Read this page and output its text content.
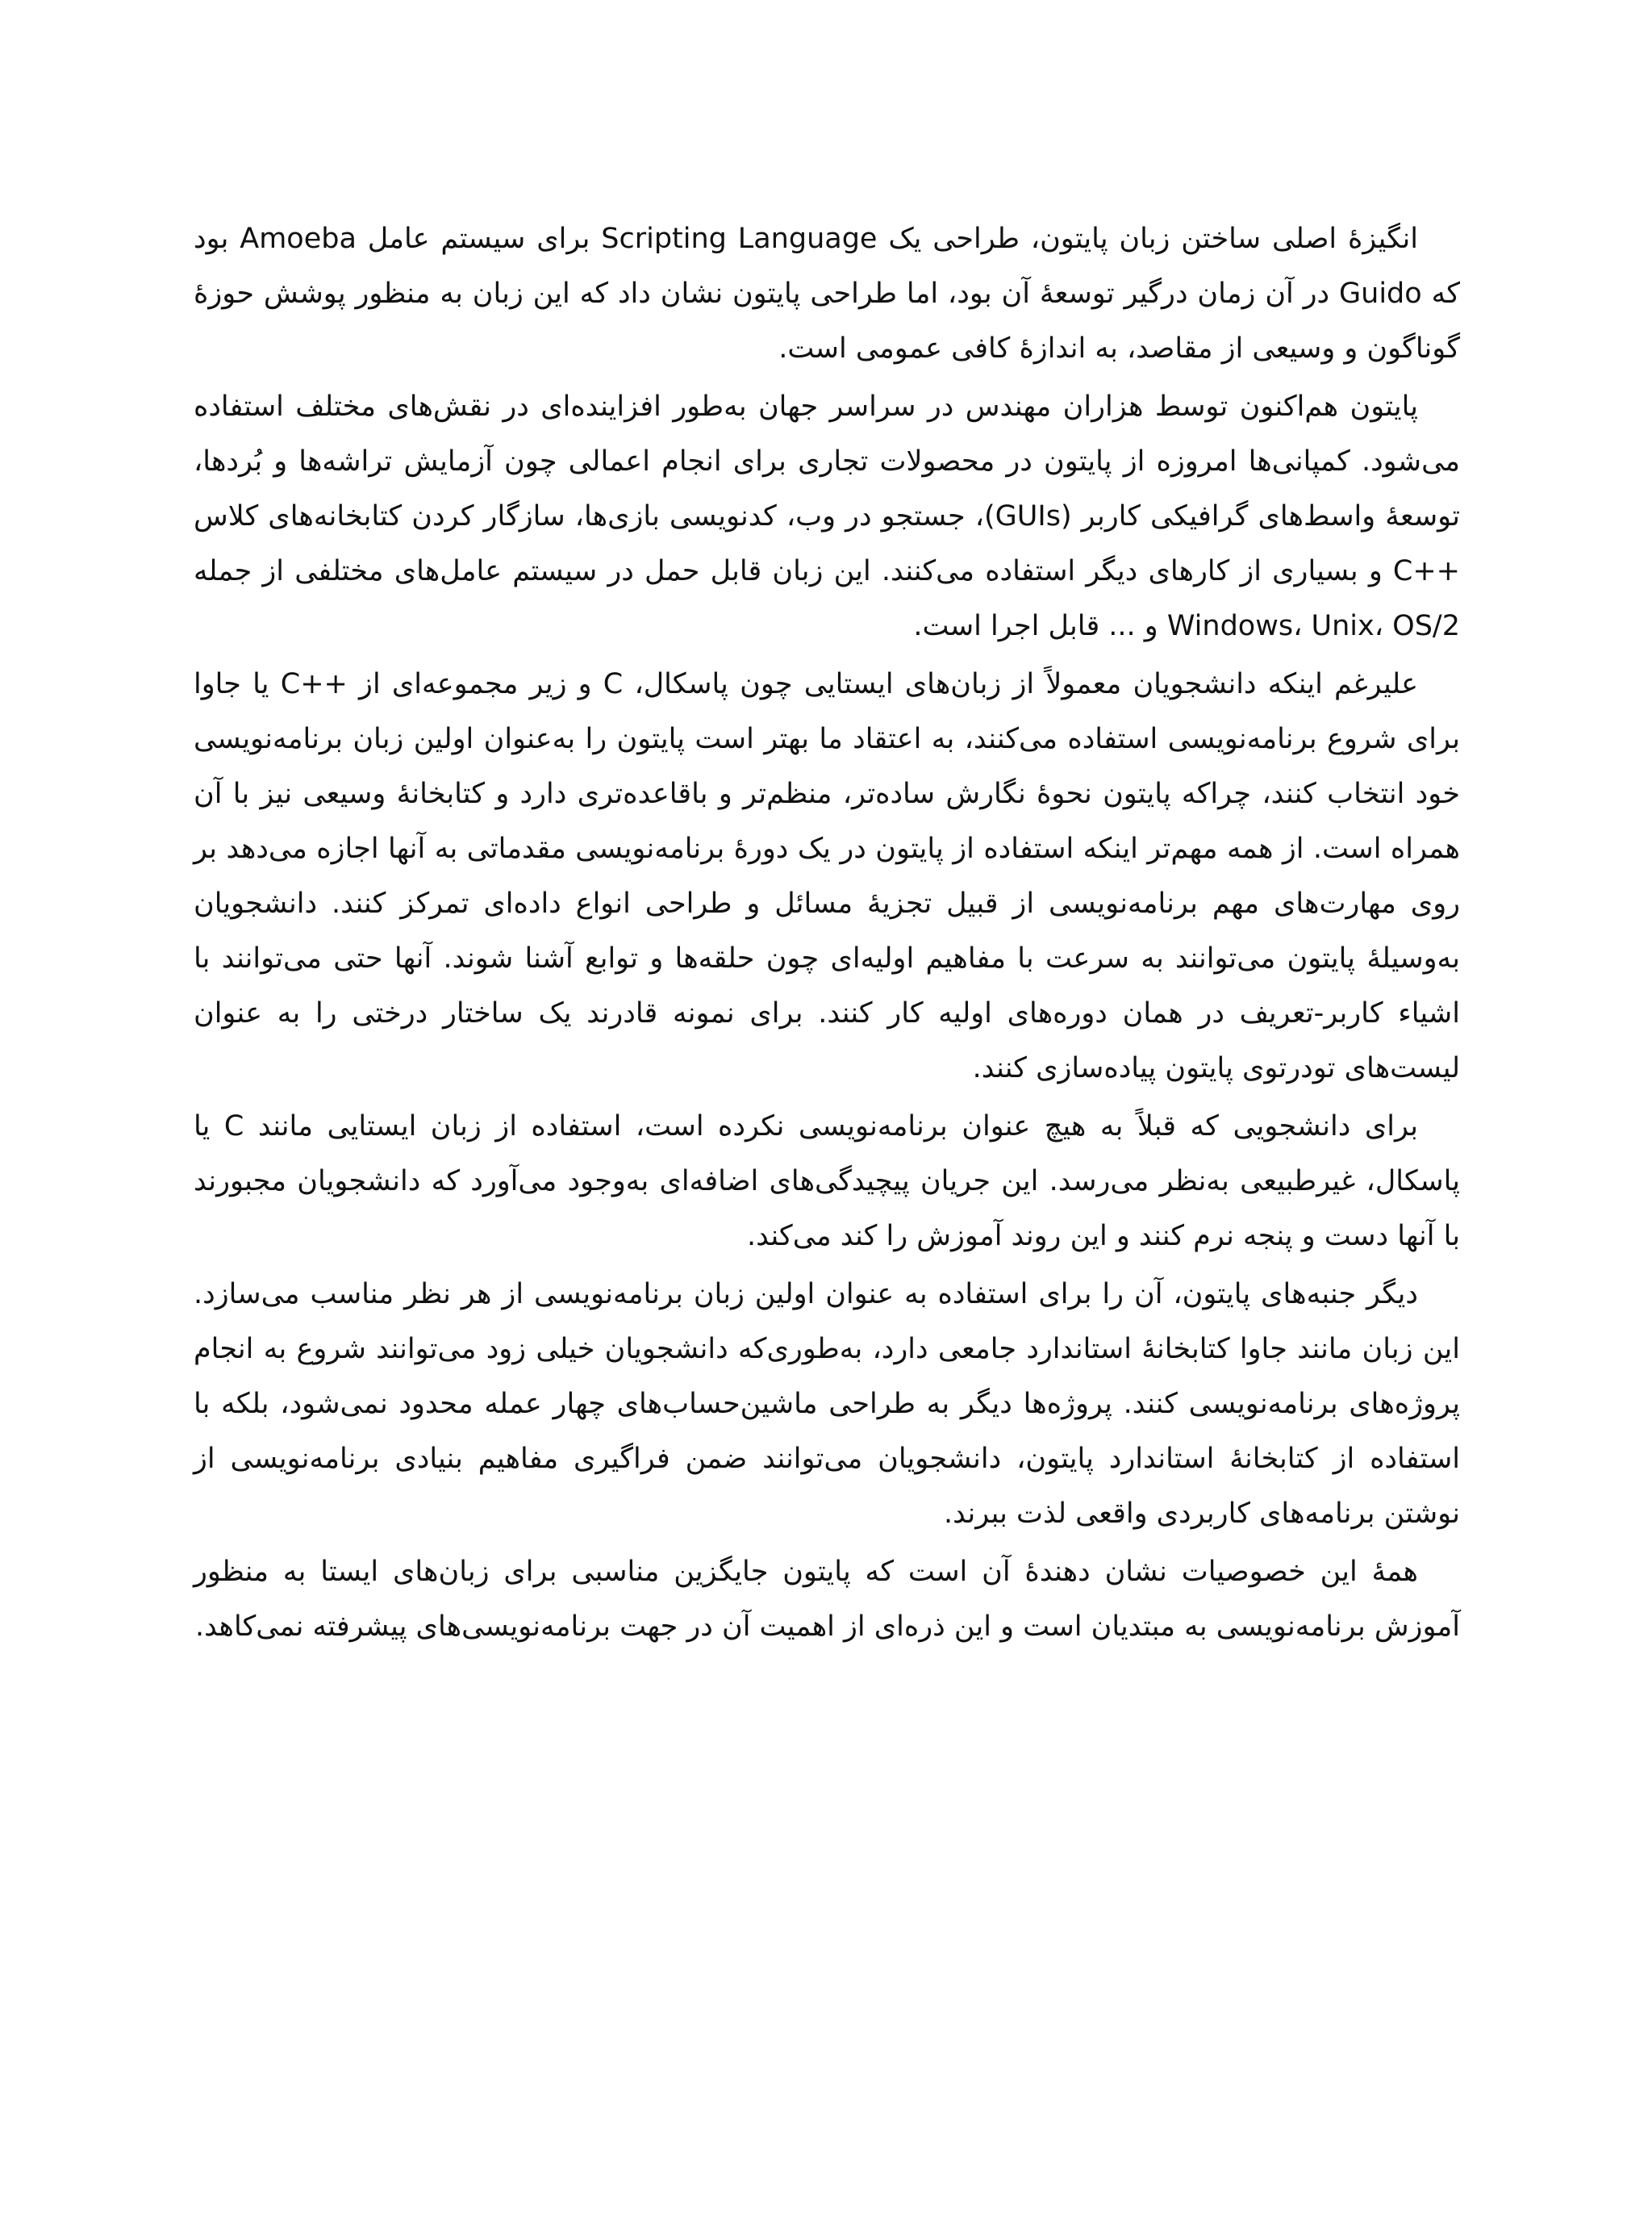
انگیزهٔ اصلی ساختن زبان پایتون، طراحی یک Scripting Language برای سیستم عامل Amoeba بود که Guido در آن زمان درگیر توسعهٔ آن بود، اما طراحی پایتون نشان داد که این زبان به منظور پوشش حوزهٔ گوناگون و وسیعی از مقاصد، به اندازهٔ کافی عمومی است.

پایتون هم‌اکنون توسط هزاران مهندس در سراسر جهان به‌طور افزاینده‌ای در نقش‌های مختلف استفاده می‌شود. کمپانی‌ها امروزه از پایتون در محصولات تجاری برای انجام اعمالی چون آزمایش تراشه‌ها و بُردها، توسعهٔ واسط‌های گرافیکی کاربر (GUIs)، جستجو در وب، کدنویسی بازی‌ها، سازگار کردن کتابخانه‌های کلاس ++C و بسیاری از کارهای دیگر استفاده می‌کنند. این زبان قابل حمل در سیستم عامل‌های مختلفی از جمله Windows، Unix، OS/2 و ... قابل اجرا است.

علیرغم اینکه دانشجویان معمولاً از زبان‌های ایستایی چون پاسکال، C و زیر مجموعه‌ای از ++C یا جاوا برای شروع برنامه‌نویسی استفاده می‌کنند، به اعتقاد ما بهتر است پایتون را به‌عنوان اولین زبان برنامه‌نویسی خود انتخاب کنند، چراکه پایتون نحوهٔ نگارش ساده‌تر، منظم‌تر و باقاعده‌تری دارد و کتابخانهٔ وسیعی نیز با آن همراه است. از همه مهم‌تر اینکه استفاده از پایتون در یک دورهٔ برنامه‌نویسی مقدماتی به آنها اجازه می‌دهد بر روی مهارت‌های مهم برنامه‌نویسی از قبیل تجزیهٔ مسائل و طراحی انواع داده‌ای تمرکز کنند. دانشجویان به‌وسیلهٔ پایتون می‌توانند به سرعت با مفاهیم اولیه‌ای چون حلقه‌ها و توابع آشنا شوند. آنها حتی می‌توانند با اشیاء کاربر-تعریف در همان دوره‌های اولیه کار کنند. برای نمونه قادرند یک ساختار درختی را به عنوان لیست‌های تودرتوی پایتون پیاده‌سازی کنند.

برای دانشجویی که قبلاً به هیچ عنوان برنامه‌نویسی نکرده است، استفاده از زبان ایستایی مانند C یا پاسکال، غیرطبیعی به‌نظر می‌رسد. این جریان پیچیدگی‌های اضافه‌ای به‌وجود می‌آورد که دانشجویان مجبورند با آنها دست و پنجه نرم کنند و این روند آموزش را کند می‌کند.

دیگر جنبه‌های پایتون، آن را برای استفاده به عنوان اولین زبان برنامه‌نویسی از هر نظر مناسب می‌سازد. این زبان مانند جاوا کتابخانهٔ استاندارد جامعی دارد، به‌طوری‌که دانشجویان خیلی زود می‌توانند شروع به انجام پروژه‌های برنامه‌نویسی کنند. پروژه‌ها دیگر به طراحی ماشین‌حساب‌های چهار عمله محدود نمی‌شود، بلکه با استفاده از کتابخانهٔ استاندارد پایتون، دانشجویان می‌توانند ضمن فراگیری مفاهیم بنیادی برنامه‌نویسی از نوشتن برنامه‌های کاربردی واقعی لذت ببرند.

همهٔ این خصوصیات نشان دهندهٔ آن است که پایتون جایگزین مناسبی برای زبان‌های ایستا به منظور آموزش برنامه‌نویسی به مبتدیان است و این ذره‌ای از اهمیت آن در جهت برنامه‌نویسی‌های پیشرفته نمی‌کاهد.
